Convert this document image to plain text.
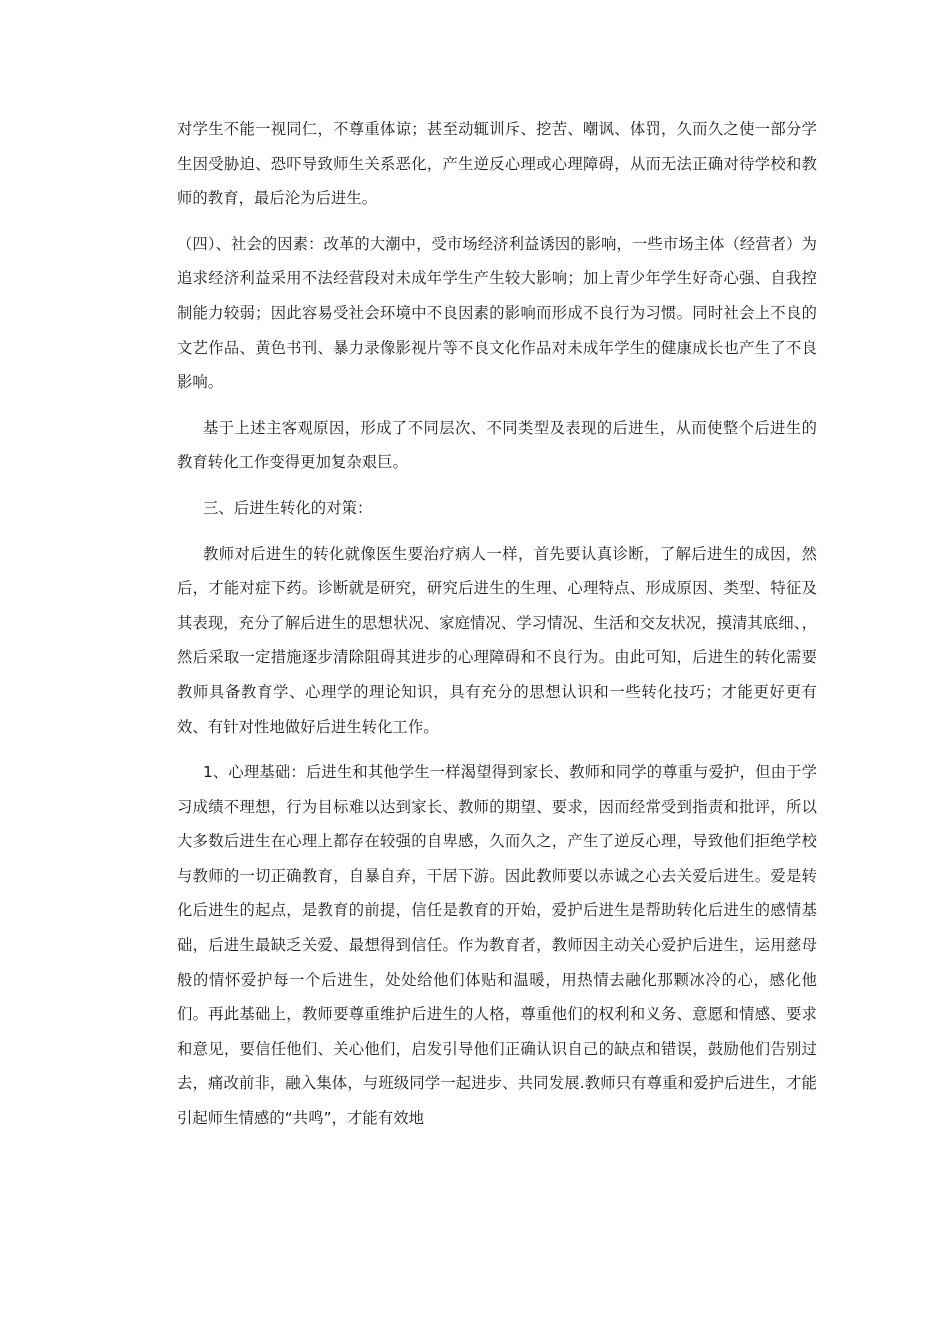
对学生不能一视同仁，不尊重体谅；甚至动辄训斥、挖苦、嘲讽、体罚，久而久之使一部分学生因受胁迫、恐吓导致师生关系恶化，产生逆反心理或心理障碍，从而无法正确对待学校和教师的教育，最后沦为后进生。

（四）、社会的因素：改革的大潮中，受市场经济利益诱因的影响，一些市场主体（经营者）为追求经济利益采用不法经营段对未成年学生产生较大影响；加上青少年学生好奇心强、自我控制能力较弱；因此容易受社会环境中不良因素的影响而形成不良行为习惯。同时社会上不良的文艺作品、黄色书刊、暴力录像影视片等不良文化作品对未成年学生的健康成长也产生了不良影响。

基于上述主客观原因，形成了不同层次、不同类型及表现的后进生，从而使整个后进生的教育转化工作变得更加复杂艰巨。

三、后进生转化的对策：

教师对后进生的转化就像医生要治疗病人一样，首先要认真诊断，了解后进生的成因，然后，才能对症下药。诊断就是研究，研究后进生的生理、心理特点、形成原因、类型、特征及其表现，充分了解后进生的思想状况、家庭情况、学习情况、生活和交友状况，摸清其底细、，然后采取一定措施逐步清除阻碍其进步的心理障碍和不良行为。由此可知，后进生的转化需要教师具备教育学、心理学的理论知识，具有充分的思想认识和一些转化技巧；才能更好更有效、有针对性地做好后进生转化工作。

1、心理基础：后进生和其他学生一样渴望得到家长、教师和同学的尊重与爱护，但由于学习成绩不理想，行为目标难以达到家长、教师的期望、要求，因而经常受到指责和批评，所以大多数后进生在心理上都存在较强的自卑感，久而久之，产生了逆反心理，导致他们拒绝学校与教师的一切正确教育，自暴自弃，干居下游。因此教师要以赤诚之心去关爱后进生。爱是转化后进生的起点，是教育的前提，信任是教育的开始，爱护后进生是帮助转化后进生的感情基础，后进生最缺乏关爱、最想得到信任。作为教育者，教师因主动关心爱护后进生，运用慈母般的情怀爱护每一个后进生，处处给他们体贴和温暖，用热情去融化那颗冰冷的心，感化他们。再此基础上，教师要尊重维护后进生的人格，尊重他们的权利和义务、意愿和情感、要求和意见，要信任他们、关心他们，启发引导他们正确认识自己的缺点和错误，鼓励他们告别过去，痛改前非，融入集体，与班级同学一起进步、共同发展.教师只有尊重和爱护后进生，才能引起师生情感的“共鸣”，才能有效地
